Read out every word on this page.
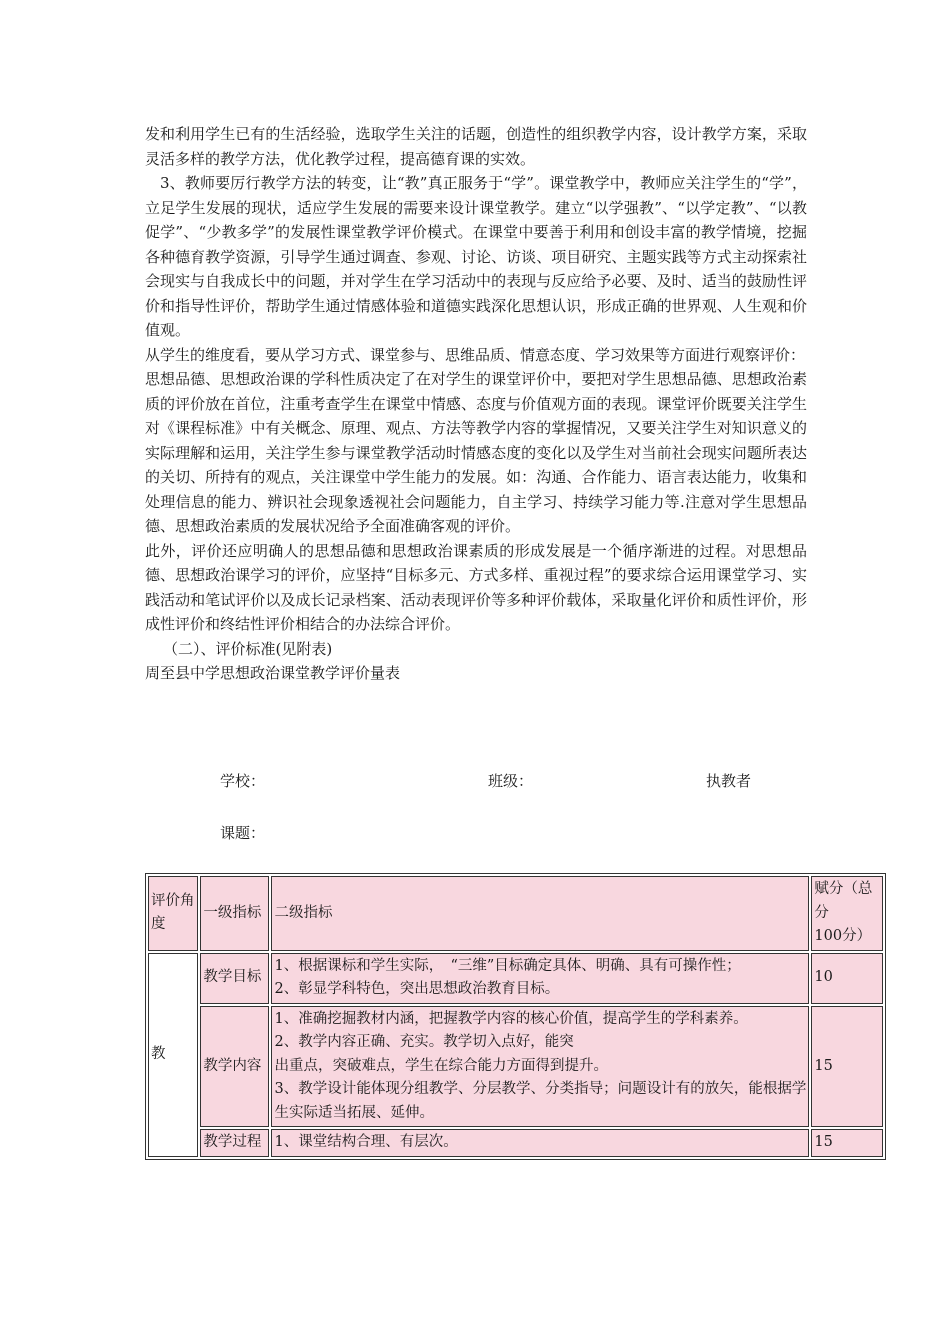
发和利用学生已有的生活经验，选取学生关注的话题，创造性的组织教学内容，设计教学方案，采取灵活多样的教学方法，优化教学过程，提高德育课的实效。

3、教师要厉行教学方法的转变，让“教”真正服务于“学”。课堂教学中，教师应关注学生的“学”，立足学生发展的现状，适应学生发展的需要来设计课堂教学。建立“以学强教”、“以学定教”、“以教促学”、“少教多学”的发展性课堂教学评价模式。在课堂中要善于利用和创设丰富的教学情境，挖掘各种德育教学资源，引导学生通过调查、参观、讨论、访谈、项目研究、主题实践等方式主动探索社会现实与自我成长中的问题，并对学生在学习活动中的表现与反应给予必要、及时、适当的鼓励性评价和指导性评价，帮助学生通过情感体验和道德实践深化思想认识，形成正确的世界观、人生观和价值观。

从学生的维度看，要从学习方式、课堂参与、思维品质、情意态度、学习效果等方面进行观察评价：

思想品德、思想政治课的学科性质决定了在对学生的课堂评价中，要把对学生思想品德、思想政治素质的评价放在首位，注重考查学生在课堂中情感、态度与价值观方面的表现。课堂评价既要关注学生对《课程标准》中有关概念、原理、观点、方法等教学内容的掌握情况，又要关注学生对知识意义的实际理解和运用，关注学生参与课堂教学活动时情感态度的变化以及学生对当前社会现实问题所表达的关切、所持有的观点，关注课堂中学生能力的发展。如：沟通、合作能力、语言表达能力，收集和处理信息的能力、辨识社会现象透视社会问题能力，自主学习、持续学习能力等.注意对学生思想品德、思想政治素质的发展状况给予全面准确客观的评价。

此外，评价还应明确人的思想品德和思想政治课素质的形成发展是一个循序渐进的过程。对思想品德、思想政治课学习的评价，应坚持“目标多元、方式多样、重视过程”的要求综合运用课堂学习、实践活动和笔试评价以及成长记录档案、活动表现评价等多种评价载体，采取量化评价和质性评价，形成性评价和终结性评价相结合的办法综合评价。

（二）、评价标准(见附表)

周至县中学思想政治课堂教学评价量表

学校：	班级：	执教者
课题：
评价角度	一级指标	二级指标	赋分（总分　　100分）
教	教学目标	1、根据课标和学生实际，　“三维”目标确定具体、明确、具有可操作性；
2、彰显学科特色，突出思想政治教育目标。	10
	教学内容	1、准确挖掘教材内涵，把握教学内容的核心价值，提高学生的学科素养。
2、教学内容正确、充实。教学切入点好，能突
出重点，突破难点，学生在综合能力方面得到提升。
3、教学设计能体现分组教学、分层教学、分类指导；问题设计有的放矢，能根据学生实际适当拓展、延伸。	15
	教学过程	1、课堂结构合理、有层次。	15
